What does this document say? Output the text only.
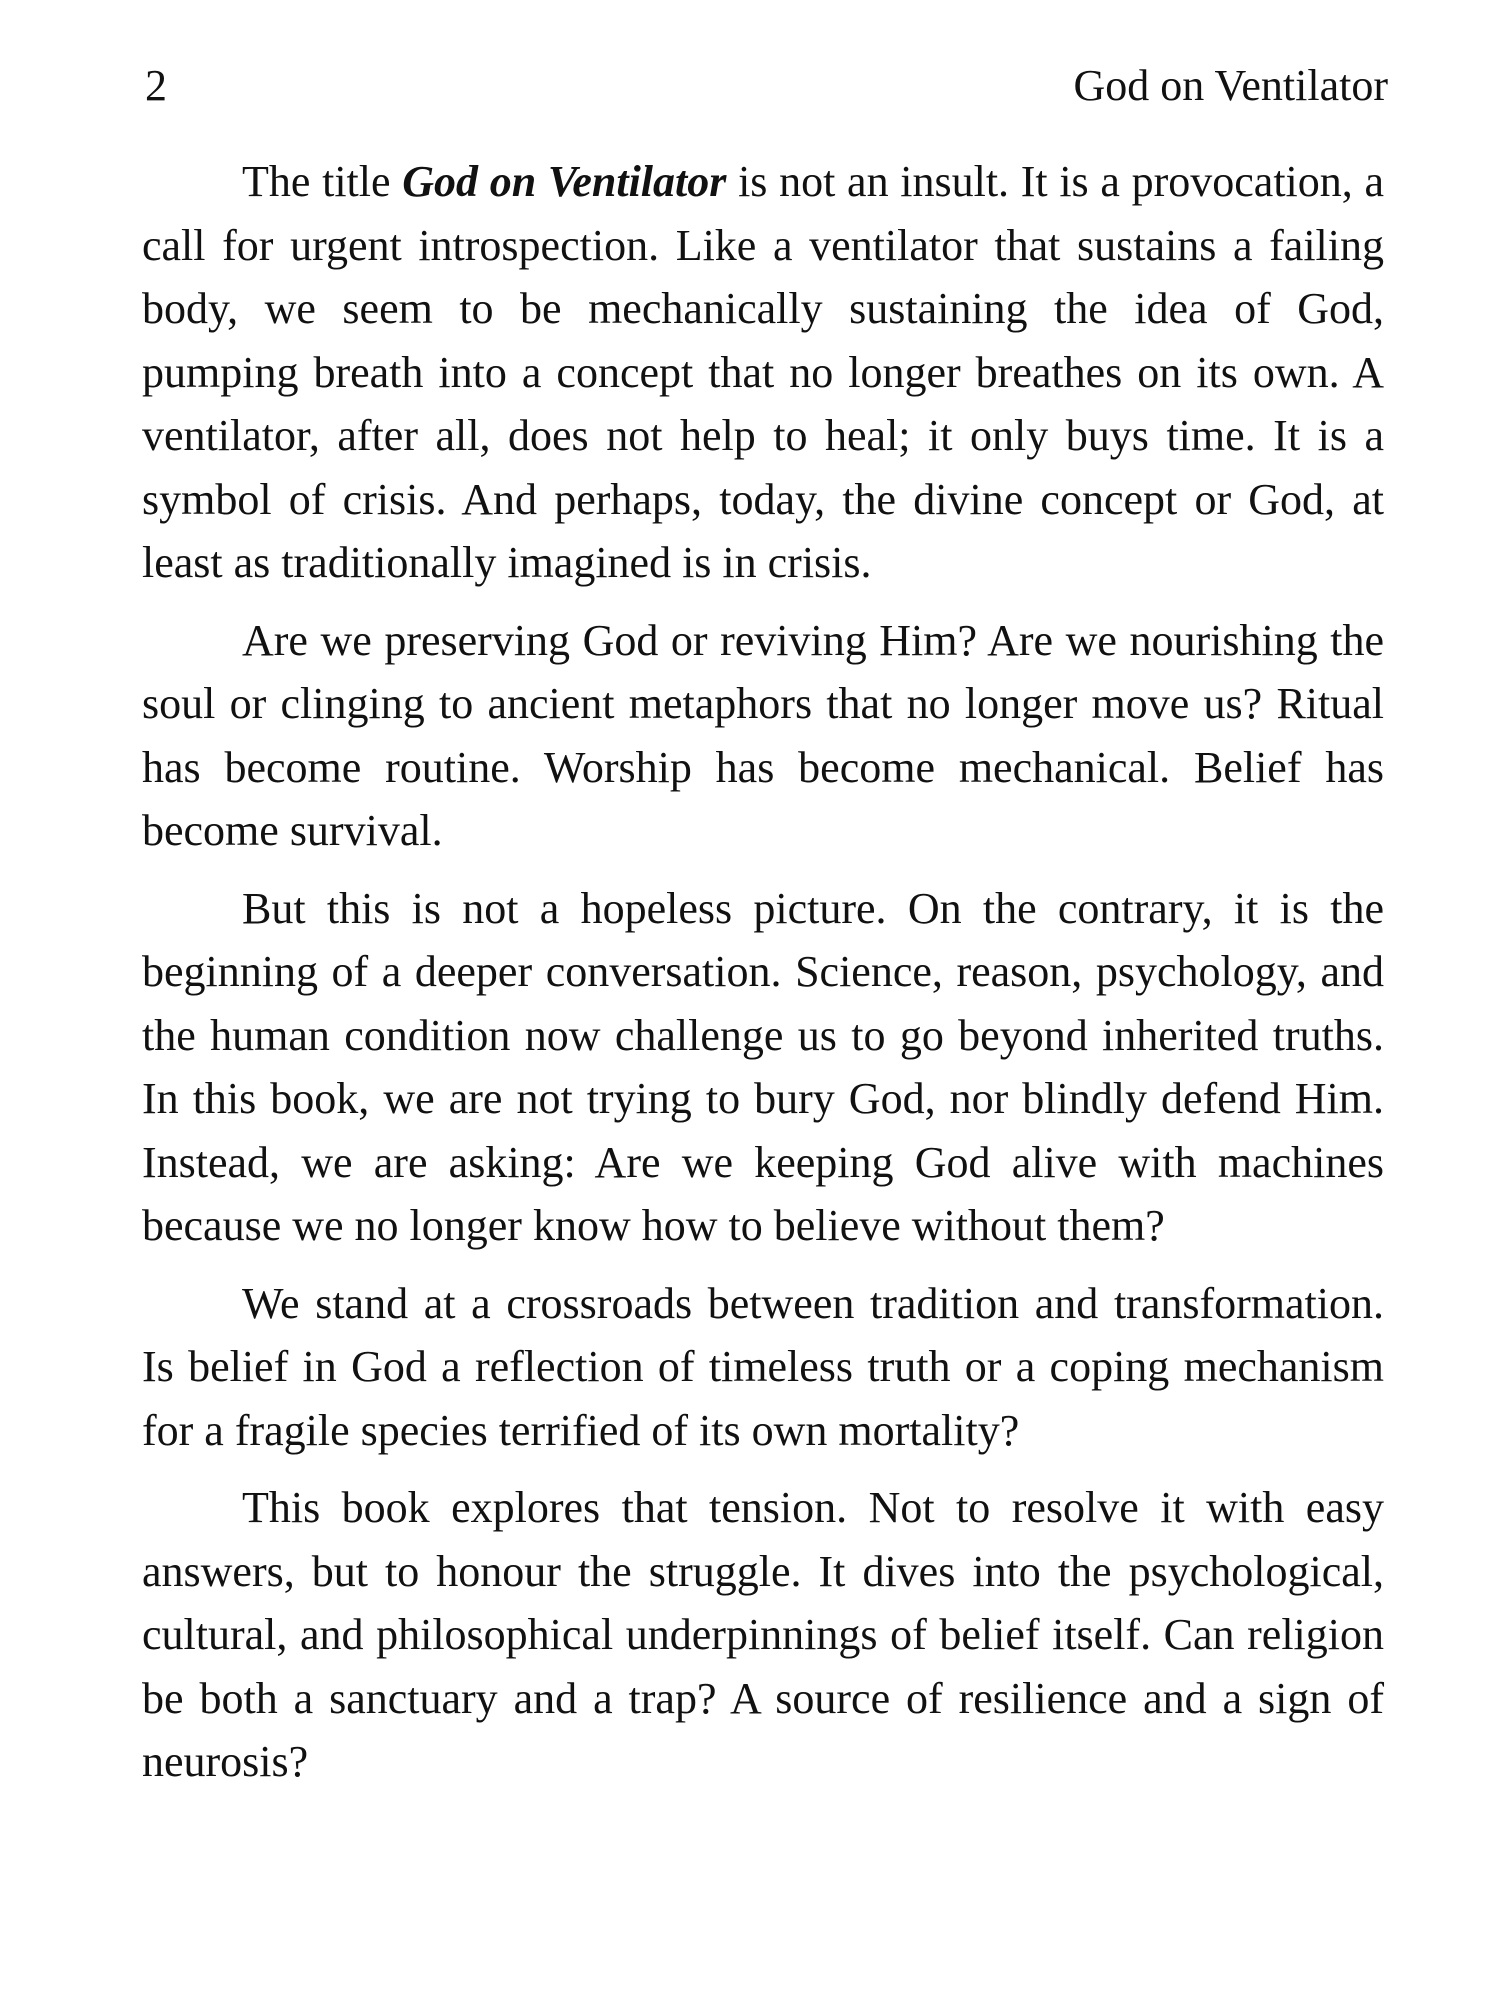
2	God on Ventilator

The title God on Ventilator is not an insult. It is a provocation, a call for urgent introspection. Like a ventilator that sustains a failing body, we seem to be mechanically sustaining the idea of God, pumping breath into a concept that no longer breathes on its own. A ventilator, after all, does not help to heal; it only buys time. It is a symbol of crisis. And perhaps, today, the divine concept or God, at least as traditionally imagined is in crisis.

Are we preserving God or reviving Him? Are we nourishing the soul or clinging to ancient metaphors that no longer move us? Ritual has become routine. Worship has become mechanical. Belief has become survival.

But this is not a hopeless picture. On the contrary, it is the beginning of a deeper conversation. Science, reason, psychology, and the human condition now challenge us to go beyond inherited truths. In this book, we are not trying to bury God, nor blindly defend Him. Instead, we are asking: Are we keeping God alive with machines because we no longer know how to believe without them?

We stand at a crossroads between tradition and transformation. Is belief in God a reflection of timeless truth or a coping mechanism for a fragile species terrified of its own mortality?

This book explores that tension. Not to resolve it with easy answers, but to honour the struggle. It dives into the psychological, cultural, and philosophical underpinnings of belief itself. Can religion be both a sanctuary and a trap? A source of resilience and a sign of neurosis?
